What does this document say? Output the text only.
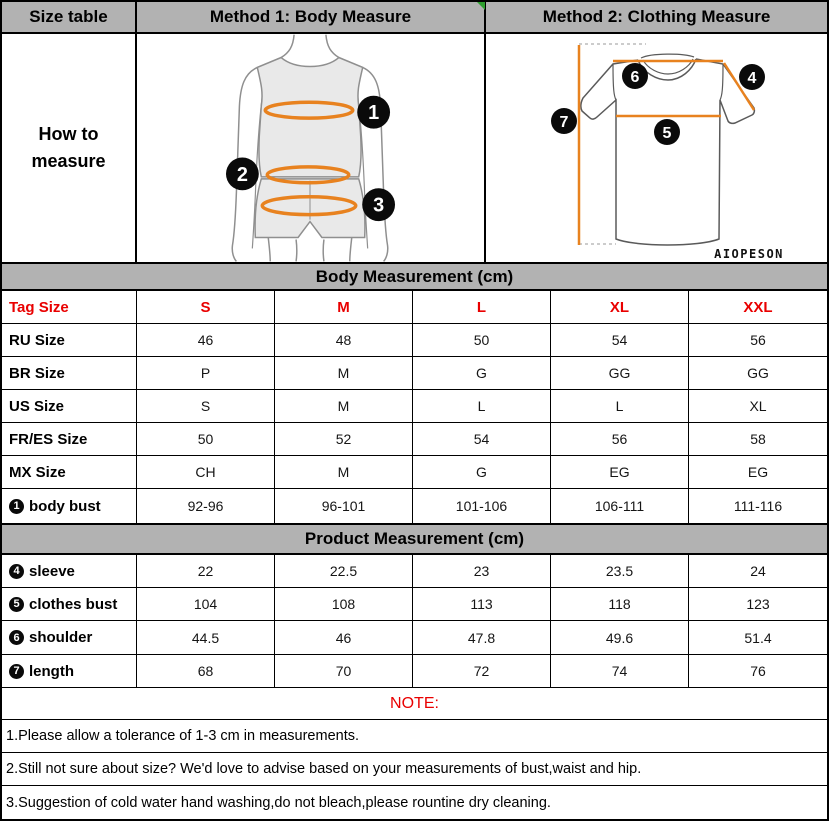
Size table	Method 1: Body Measure	Method 2: Clothing Measure
How to
measure
1
2
3
6	4
7
5
AIOPESON
Body Measurement (cm)
Tag Size	S	M	L	XL	XXL
RU Size	46	48	50	54	56
BR Size	P	M	G	GG	GG
US Size	S	M	L	L	XL
FR/ES Size	50	52	54	56	58
MX Size	CH	M	G	EG	EG
1 body bust	92-96	96-101	101-106	106-111	111-116
Product Measurement (cm)
4 sleeve	22	22.5	23	23.5	24
5 clothes bust	104	108	113	118	123
6 shoulder	44.5	46	47.8	49.6	51.4
7 length	68	70	72	74	76
NOTE:
1.Please allow a tolerance of 1-3 cm in measurements.
2.Still not sure about size? We'd love to advise based on your measurements of bust,waist and hip.
3.Suggestion of cold water hand washing,do not bleach,please rountine dry cleaning.
